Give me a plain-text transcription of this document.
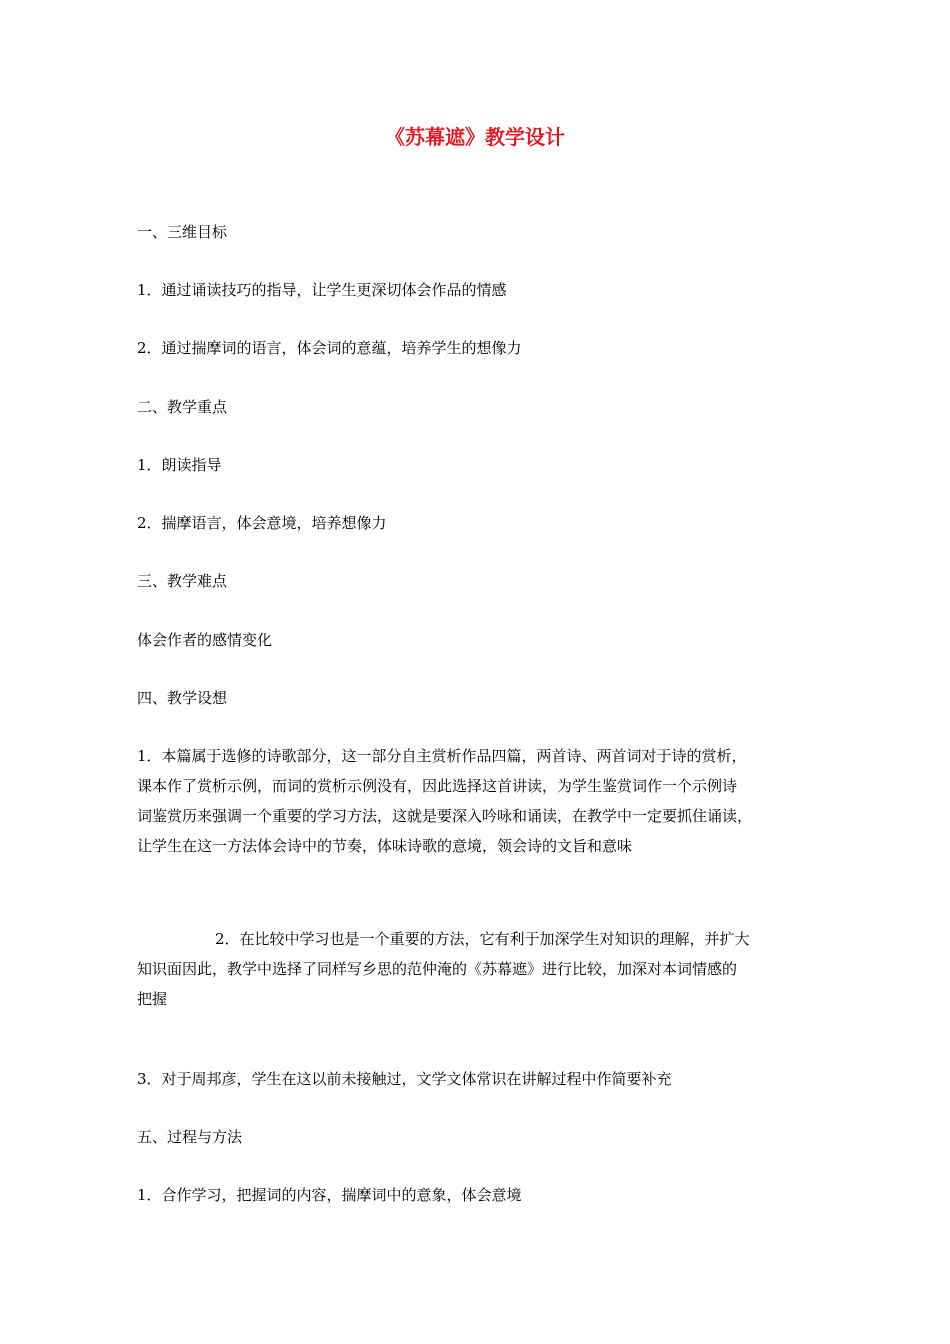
《苏幕遮》教学设计
一、三维目标
1．通过诵读技巧的指导，让学生更深切体会作品的情感
2．通过揣摩词的语言，体会词的意蕴，培养学生的想像力
二、教学重点
1．朗读指导
2．揣摩语言，体会意境，培养想像力
三、教学难点
体会作者的感情变化
四、教学设想
1．本篇属于选修的诗歌部分，这一部分自主赏析作品四篇，两首诗、两首词对于诗的赏析，
课本作了赏析示例，而词的赏析示例没有，因此选择这首讲读，为学生鉴赏词作一个示例诗
词鉴赏历来强调一个重要的学习方法，这就是要深入吟咏和诵读，在教学中一定要抓住诵读，
让学生在这一方法体会诗中的节奏，体味诗歌的意境，领会诗的文旨和意味
2．在比较中学习也是一个重要的方法，它有利于加深学生对知识的理解，并扩大
知识面因此，教学中选择了同样写乡思的范仲淹的《苏幕遮》进行比较，加深对本词情感的
把握
3．对于周邦彦，学生在这以前未接触过，文学文体常识在讲解过程中作简要补充
五、过程与方法
1．合作学习，把握词的内容，揣摩词中的意象，体会意境
